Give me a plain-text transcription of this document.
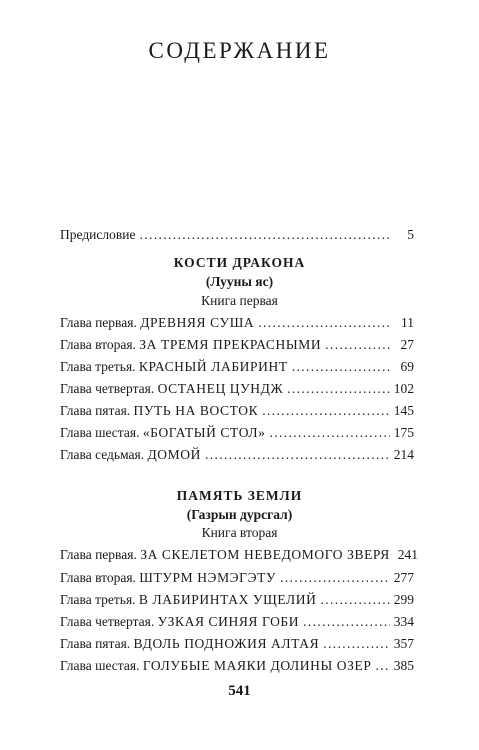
СОДЕРЖАНИЕ
Предисловие . . .	5
КОСТИ ДРАКОНА
(Лууны яс)
Книга первая
Глава первая. ДРЕВНЯЯ СУША . . .	11
Глава вторая. ЗА ТРЕМЯ ПРЕКРАСНЫМИ . . .	27
Глава третья. КРАСНЫЙ ЛАБИРИНТ . . .	69
Глава четвертая. ОСТАНЕЦ ЦУНДЖ . . .	102
Глава пятая. ПУТЬ НА ВОСТОК . . .	145
Глава шестая. «БОГАТЫЙ СТОЛ» . . .	175
Глава седьмая. ДОМОЙ . . .	214
ПАМЯТЬ ЗЕМЛИ
(Газрын дурсгал)
Книга вторая
Глава первая. ЗА СКЕЛЕТОМ НЕВЕДОМОГО ЗВЕРЯ 241
Глава вторая. ШТУРМ НЭМЭГЭТУ . . .	277
Глава третья. В ЛАБИРИНТАХ УЩЕЛИЙ . . .	299
Глава четвертая. УЗКАЯ СИНЯЯ ГОБИ . . .	334
Глава пятая. ВДОЛЬ ПОДНОЖИЯ АЛТАЯ . . .	357
Глава шестая. ГОЛУБЫЕ МАЯКИ ДОЛИНЫ ОЗЕР . . . 385
541
